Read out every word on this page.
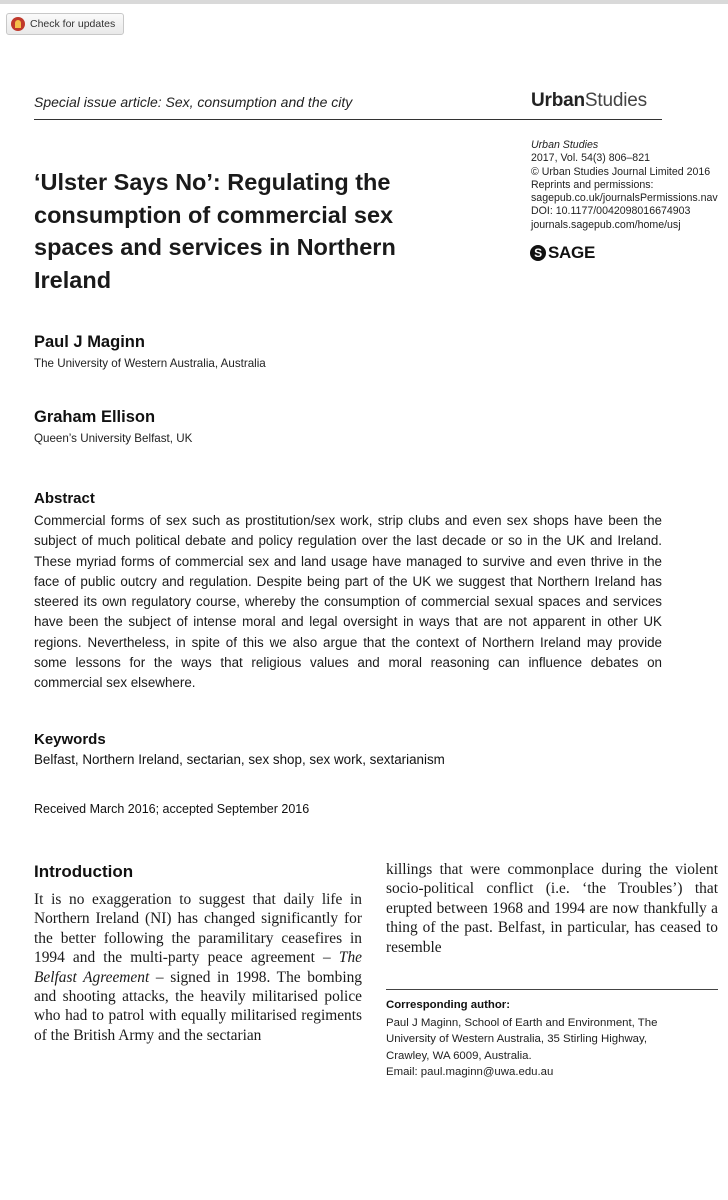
Check for updates
Special issue article: Sex, consumption and the city	UrbanStudies
Urban Studies
2017, Vol. 54(3) 806–821
© Urban Studies Journal Limited 2016
Reprints and permissions:
sagepub.co.uk/journalsPermissions.nav
DOI: 10.1177/0042098016674903
journals.sagepub.com/home/usj
S SAGE
‘Ulster Says No’: Regulating the consumption of commercial sex spaces and services in Northern Ireland
Paul J Maginn
The University of Western Australia, Australia
Graham Ellison
Queen’s University Belfast, UK
Abstract

Commercial forms of sex such as prostitution/sex work, strip clubs and even sex shops have been the subject of much political debate and policy regulation over the last decade or so in the UK and Ireland. These myriad forms of commercial sex and land usage have managed to survive and even thrive in the face of public outcry and regulation. Despite being part of the UK we suggest that Northern Ireland has steered its own regulatory course, whereby the consumption of commercial sexual spaces and services have been the subject of intense moral and legal oversight in ways that are not apparent in other UK regions. Nevertheless, in spite of this we also argue that the context of Northern Ireland may provide some lessons for the ways that religious values and moral reasoning can influence debates on commercial sex elsewhere.

Keywords
Belfast, Northern Ireland, sectarian, sex shop, sex work, sextarianism
Received March 2016; accepted September 2016
Introduction

It is no exaggeration to suggest that daily life in Northern Ireland (NI) has changed significantly for the better following the paramilitary ceasefires in 1994 and the multi-party peace agreement – The Belfast Agreement – signed in 1998. The bombing and shooting attacks, the heavily militarised police who had to patrol with equally militarised regiments of the British Army and the sectarian

killings that were commonplace during the violent socio-political conflict (i.e. ‘the Troubles’) that erupted between 1968 and 1994 are now thankfully a thing of the past. Belfast, in particular, has ceased to resemble

Corresponding author:
Paul J Maginn, School of Earth and Environment, The
University of Western Australia, 35 Stirling Highway,
Crawley, WA 6009, Australia.
Email: paul.maginn@uwa.edu.au
